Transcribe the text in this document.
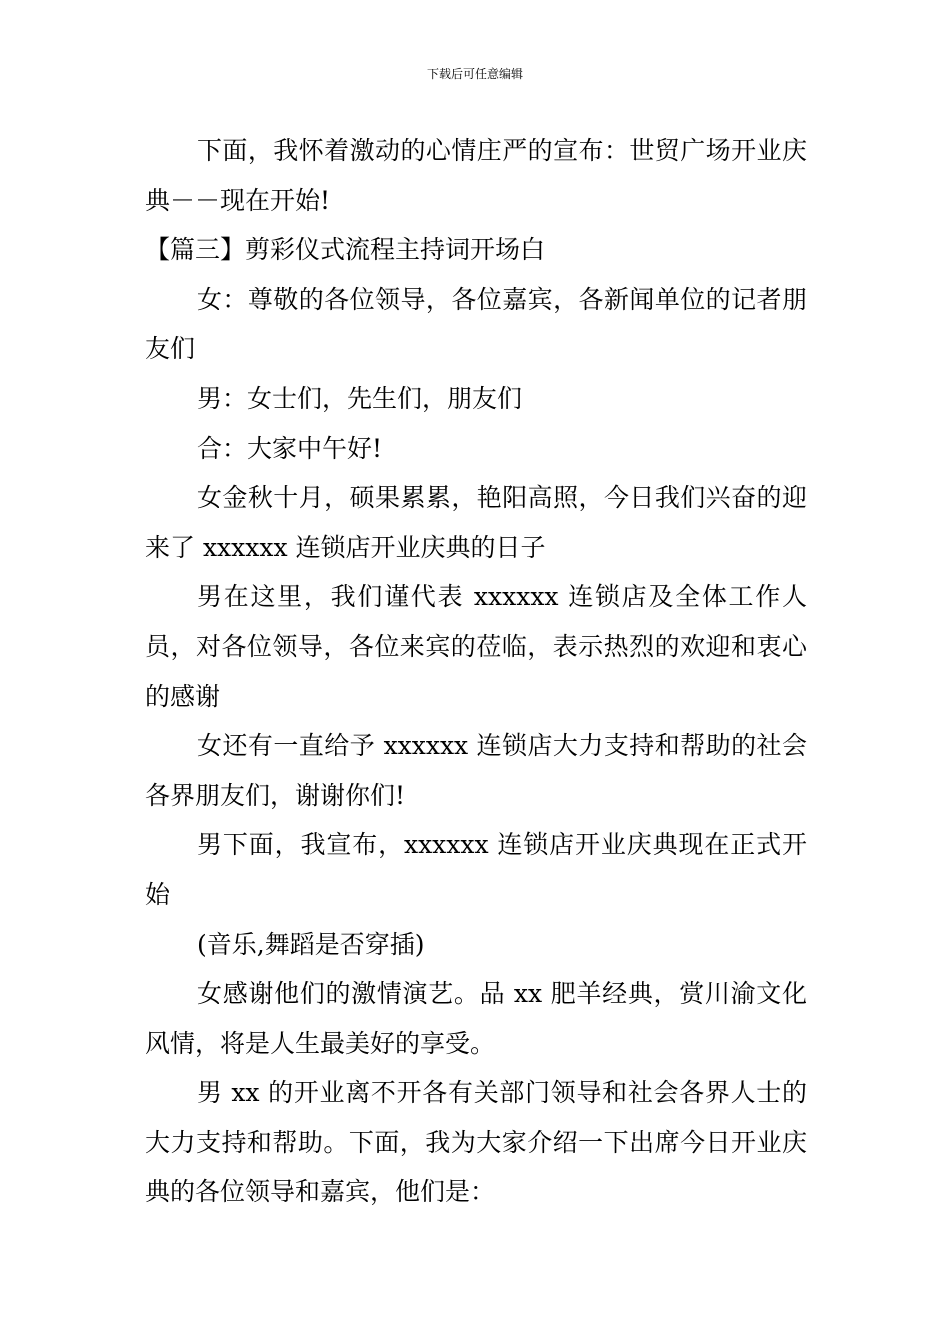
下载后可任意编辑

下面，我怀着激动的心情庄严的宣布：世贸广场开业庆典－－现在开始!

【篇三】剪彩仪式流程主持词开场白

女：尊敬的各位领导，各位嘉宾，各新闻单位的记者朋友们

男：女士们，先生们，朋友们

合：大家中午好!

女金秋十月，硕果累累，艳阳高照，今日我们兴奋的迎来了 xxxxxx 连锁店开业庆典的日子

男在这里，我们谨代表 xxxxxx 连锁店及全体工作人员，对各位领导，各位来宾的莅临，表示热烈的欢迎和衷心的感谢

女还有一直给予 xxxxxx 连锁店大力支持和帮助的社会各界朋友们，谢谢你们!

男下面，我宣布，xxxxxx 连锁店开业庆典现在正式开始

(音乐,舞蹈是否穿插)

女感谢他们的激情演艺。品 xx 肥羊经典，赏川渝文化风情，将是人生最美好的享受。

男 xx 的开业离不开各有关部门领导和社会各界人士的大力支持和帮助。下面，我为大家介绍一下出席今日开业庆典的各位领导和嘉宾，他们是：
